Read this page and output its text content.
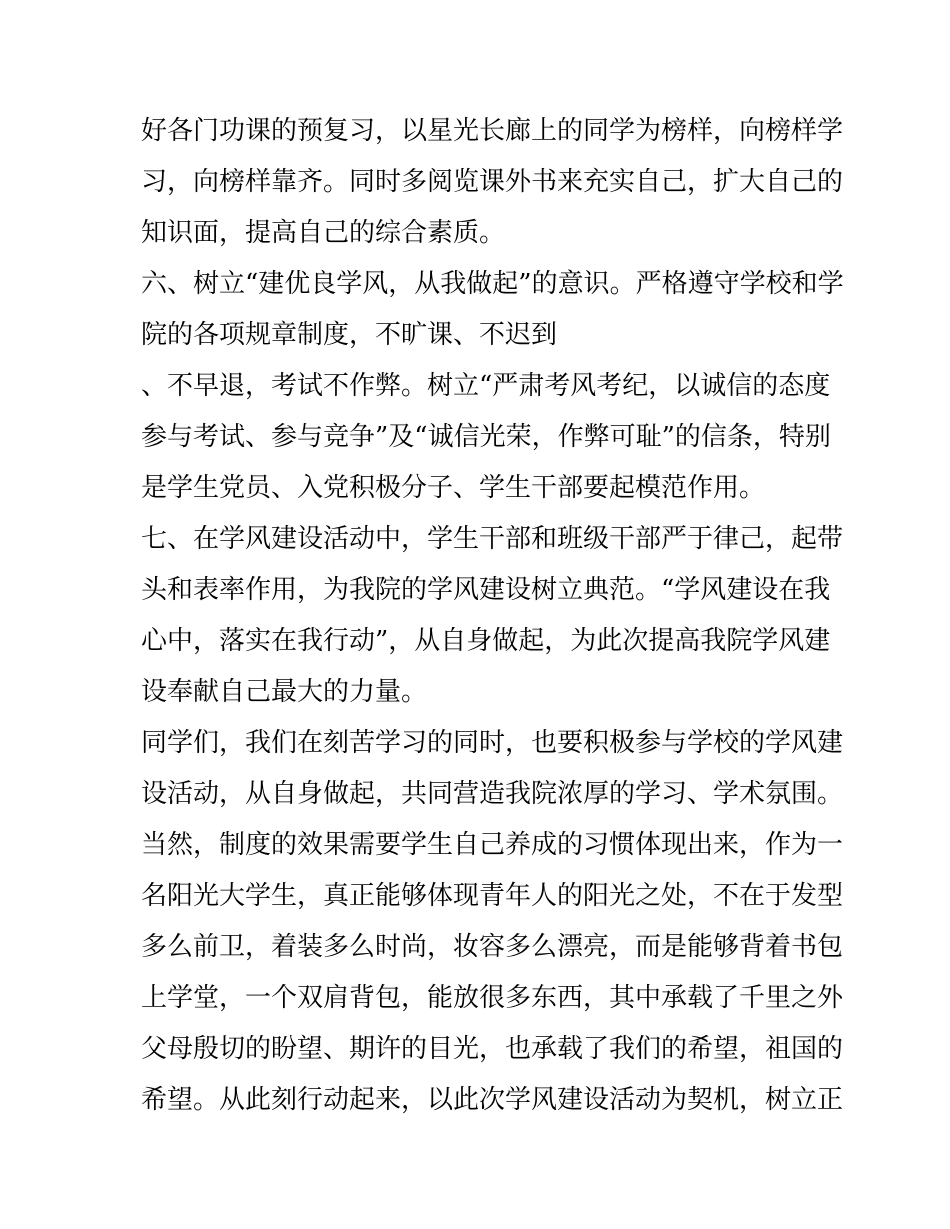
好各门功课的预复习，以星光长廊上的同学为榜样，向榜样学
习，向榜样靠齐。同时多阅览课外书来充实自己，扩大自己的
知识面，提高自己的综合素质。
六、树立“建优良学风，从我做起”的意识。严格遵守学校和学
院的各项规章制度，不旷课、不迟到
、不早退，考试不作弊。树立“严肃考风考纪，以诚信的态度
参与考试、参与竞争”及“诚信光荣，作弊可耻”的信条，特别
是学生党员、入党积极分子、学生干部要起模范作用。
七、在学风建设活动中，学生干部和班级干部严于律己，起带
头和表率作用，为我院的学风建设树立典范。“学风建设在我
心中，落实在我行动”，从自身做起，为此次提高我院学风建
设奉献自己最大的力量。
同学们，我们在刻苦学习的同时，也要积极参与学校的学风建
设活动，从自身做起，共同营造我院浓厚的学习、学术氛围。
当然，制度的效果需要学生自己养成的习惯体现出来，作为一
名阳光大学生，真正能够体现青年人的阳光之处，不在于发型
多么前卫，着装多么时尚，妆容多么漂亮，而是能够背着书包
上学堂，一个双肩背包，能放很多东西，其中承载了千里之外
父母殷切的盼望、期许的目光，也承载了我们的希望，祖国的
希望。从此刻行动起来，以此次学风建设活动为契机，树立正
